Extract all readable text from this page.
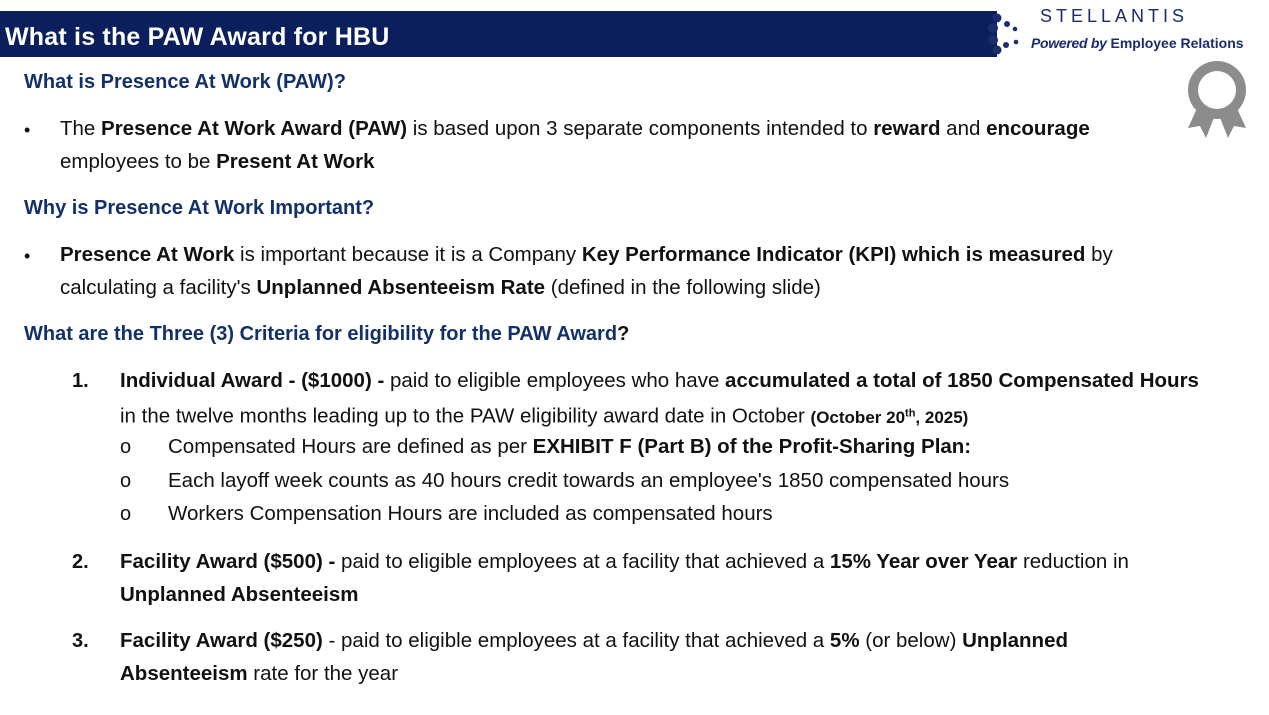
What is the PAW Award for HBU
STELLANTIS
Powered by Employee Relations
What is Presence At Work (PAW)?
• The Presence At Work Award (PAW) is based upon 3 separate components intended to reward and encourage employees to be Present At Work
Why is Presence At Work Important?
• Presence At Work is important because it is a Company Key Performance Indicator (KPI) which is measured by calculating a facility's Unplanned Absenteeism Rate (defined in the following slide)
What are the Three (3) Criteria for eligibility for the PAW Award?
1. Individual Award - ($1000) - paid to eligible employees who have accumulated a total of 1850 Compensated Hours in the twelve months leading up to the PAW eligibility award date in October (October 20th, 2025)
o Compensated Hours are defined as per EXHIBIT F (Part B) of the Profit-Sharing Plan:
o Each layoff week counts as 40 hours credit towards an employee's 1850 compensated hours
o Workers Compensation Hours are included as compensated hours
2. Facility Award ($500) - paid to eligible employees at a facility that achieved a 15% Year over Year reduction in Unplanned Absenteeism
3. Facility Award ($250) - paid to eligible employees at a facility that achieved a 5% (or below) Unplanned Absenteeism rate for the year
